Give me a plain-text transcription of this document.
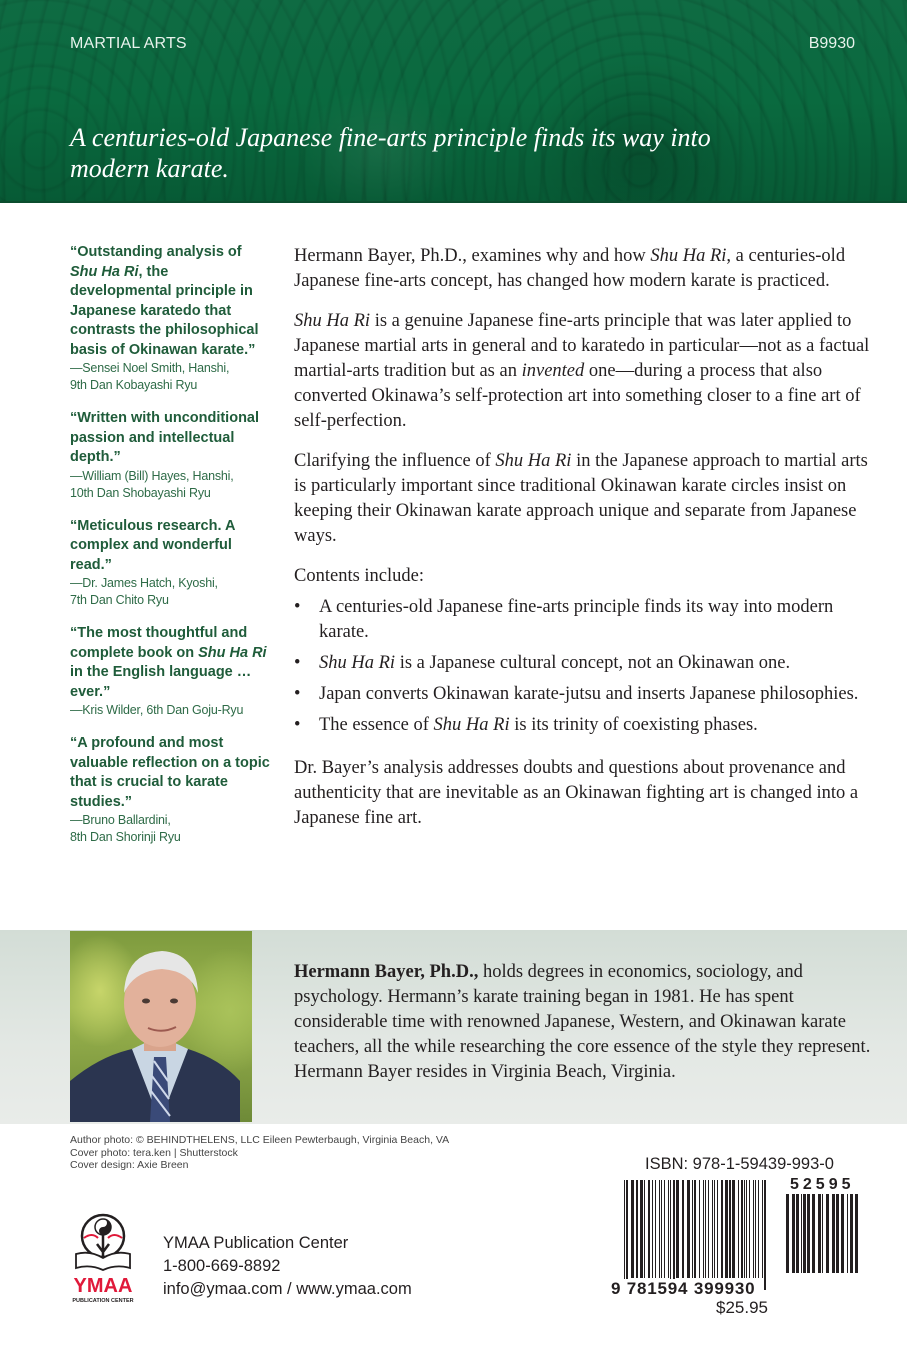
MARTIAL ARTS	B9930
A centuries-old Japanese fine-arts principle finds its way into modern karate.
“Outstanding analysis of Shu Ha Ri, the developmental principle in Japanese karatedo that contrasts the philosophical basis of Okinawan karate.”
—Sensei Noel Smith, Hanshi,
9th Dan Kobayashi Ryu
“Written with unconditional passion and intellectual depth.”
—William (Bill) Hayes, Hanshi,
10th Dan Shobayashi Ryu
“Meticulous research. A complex and wonderful read.”
—Dr. James Hatch, Kyoshi,
7th Dan Chito Ryu
“The most thoughtful and complete book on Shu Ha Ri in the English language … ever.”
—Kris Wilder, 6th Dan Goju-Ryu
“A profound and most valuable reflection on a topic that is crucial to karate studies.”
—Bruno Ballardini,
8th Dan Shorinji Ryu

Hermann Bayer, Ph.D., examines why and how Shu Ha Ri, a centuries-old Japanese fine-arts concept, has changed how modern karate is practiced.

Shu Ha Ri is a genuine Japanese fine-arts principle that was later applied to Japanese martial arts in general and to karatedo in particular—not as a factual martial-arts tradition but as an invented one—during a process that also converted Okinawa’s self-protection art into something closer to a fine art of self-perfection.

Clarifying the influence of Shu Ha Ri in the Japanese approach to martial arts is particularly important since traditional Okinawan karate circles insist on keeping their Okinawan karate approach unique and separate from Japanese ways.

Contents include:
• A centuries-old Japanese fine-arts principle finds its way into modern karate.
• Shu Ha Ri is a Japanese cultural concept, not an Okinawan one.
• Japan converts Okinawan karate-jutsu and inserts Japanese philosophies.
• The essence of Shu Ha Ri is its trinity of coexisting phases.

Dr. Bayer’s analysis addresses doubts and questions about provenance and authenticity that are inevitable as an Okinawan fighting art is changed into a Japanese fine art.

Hermann Bayer, Ph.D., holds degrees in economics, sociology, and psychology. Hermann’s karate training began in 1981. He has spent considerable time with renowned Japanese, Western, and Okinawan karate teachers, all the while researching the core essence of the style they represent. Hermann Bayer resides in Virginia Beach, Virginia.
Author photo: © BEHINDTHELENS, LLC Eileen Pewterbaugh, Virginia Beach, VA
Cover photo: tera.ken | Shutterstock
Cover design: Axie Breen
YMAA
PUBLICATION CENTER
YMAA Publication Center
1-800-669-8892
info@ymaa.com / www.ymaa.com
ISBN: 978-1-59439-993-0
52595
9 781594 399930
$25.95
